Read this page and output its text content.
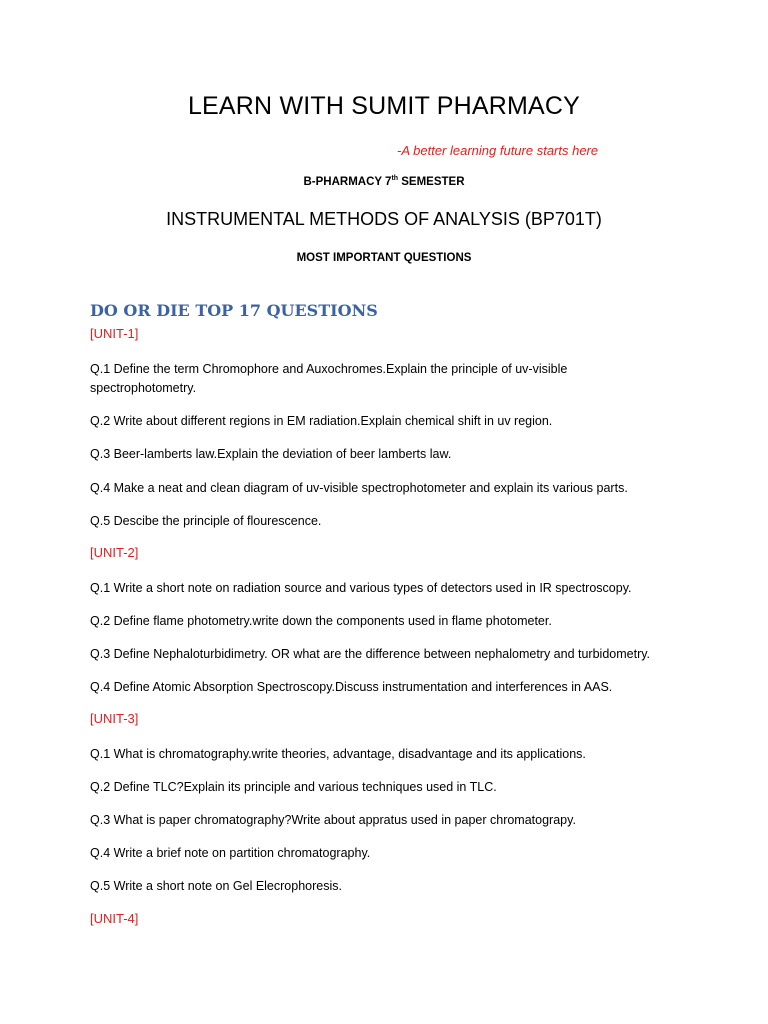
LEARN WITH SUMIT PHARMACY
-A better learning future starts here
B-PHARMACY 7th SEMESTER
INSTRUMENTAL METHODS OF ANALYSIS (BP701T)
MOST IMPORTANT QUESTIONS
DO OR DIE TOP 17 QUESTIONS
[UNIT-1]
Q.1 Define the term Chromophore and Auxochromes.Explain the principle of uv-visible
spectrophotometry.
Q.2 Write about different regions in EM radiation.Explain chemical shift in uv region.
Q.3 Beer-lamberts law.Explain the deviation of beer lamberts law.
Q.4 Make a neat and clean diagram of uv-visible spectrophotometer and explain its various parts.
Q.5 Descibe the principle of flourescence.
[UNIT-2]
Q.1 Write a short note on radiation source and various types of detectors used in IR spectroscopy.
Q.2 Define flame photometry.write down the components used in flame photometer.
Q.3 Define Nephaloturbidimetry. OR what are the difference between nephalometry and turbidometry.
Q.4 Define Atomic Absorption Spectroscopy.Discuss instrumentation and interferences in AAS.
[UNIT-3]
Q.1 What is chromatography.write theories, advantage, disadvantage and its applications.
Q.2 Define TLC?Explain its principle and various techniques used in TLC.
Q.3 What is paper chromatography?Write about appratus used in paper chromatograpy.
Q.4 Write a brief note on partition chromatography.
Q.5 Write a short note on Gel Elecrophoresis.
[UNIT-4]
